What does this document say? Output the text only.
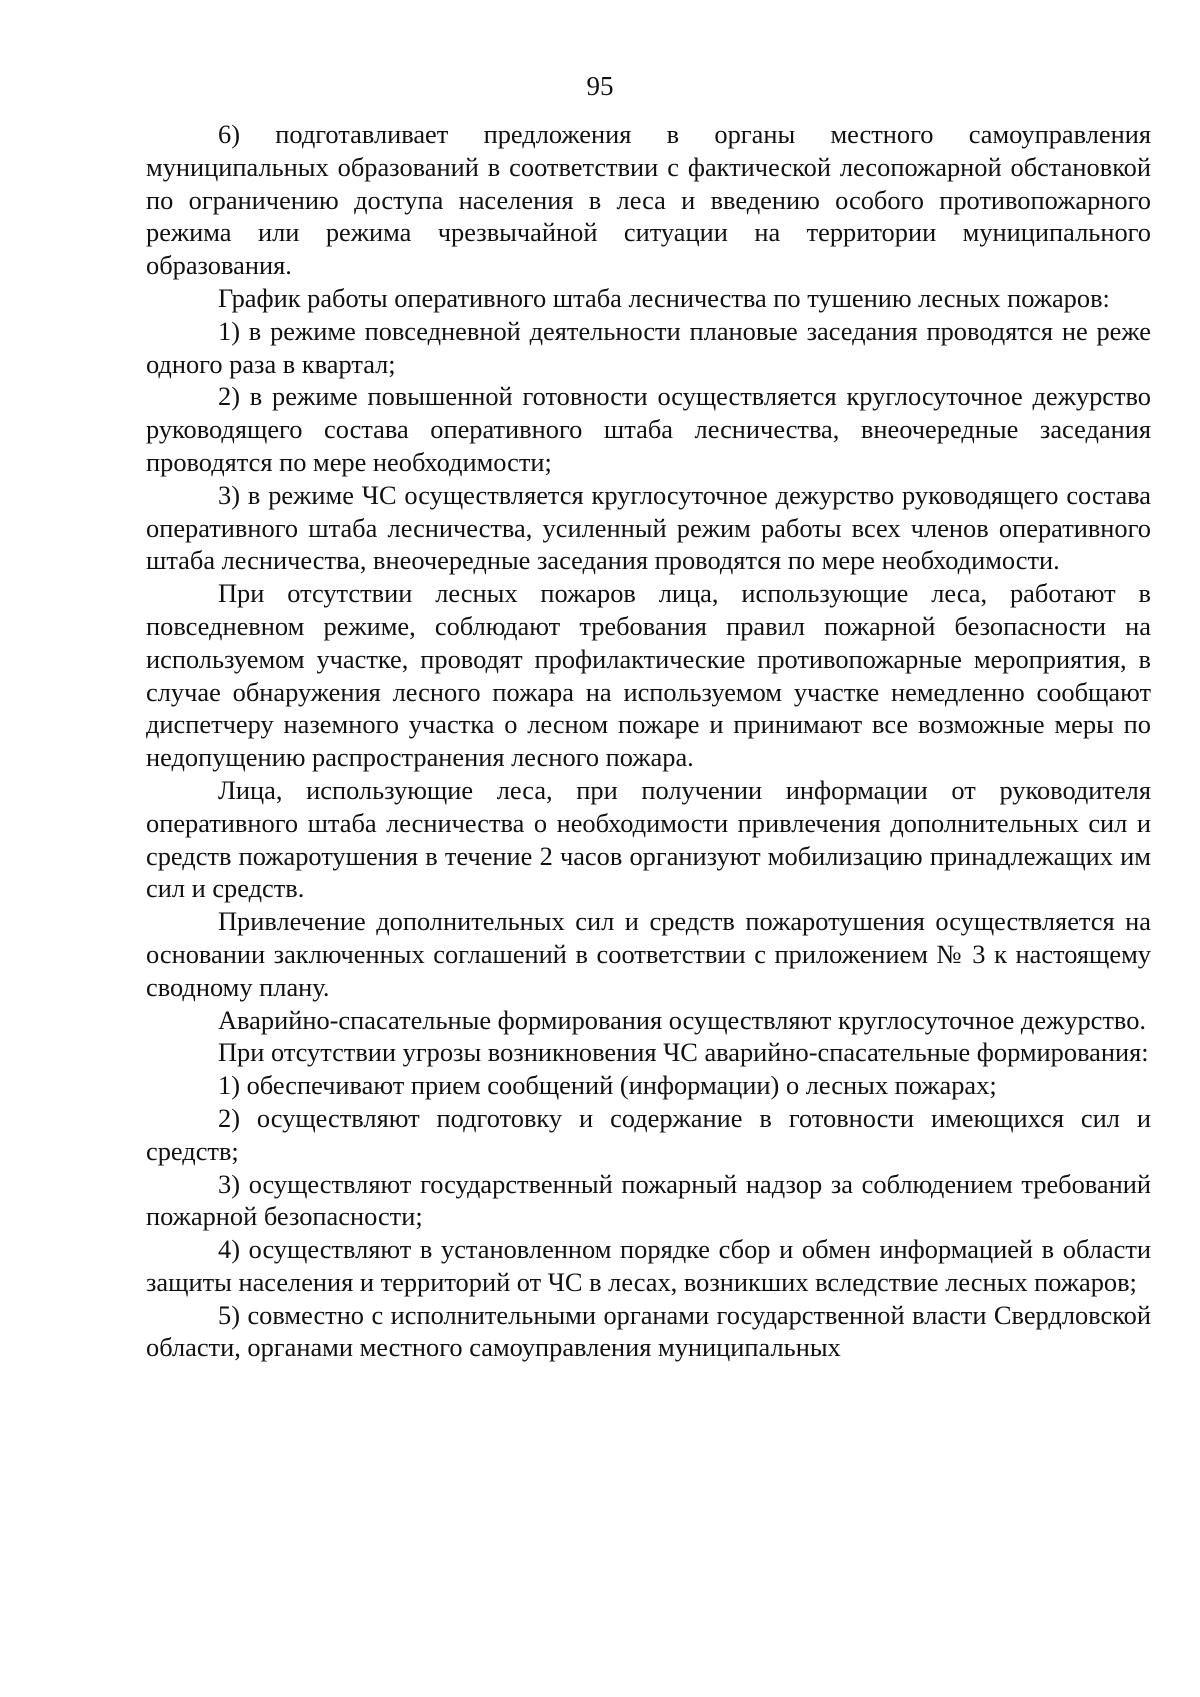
95

6) подготавливает предложения в органы местного самоуправления муниципальных образований в соответствии с фактической лесопожарной обстановкой по ограничению доступа населения в леса и введению особого противопожарного режима или режима чрезвычайной ситуации на территории муниципального образования.

График работы оперативного штаба лесничества по тушению лесных пожаров:

1) в режиме повседневной деятельности плановые заседания проводятся не реже одного раза в квартал;

2) в режиме повышенной готовности осуществляется круглосуточное дежурство руководящего состава оперативного штаба лесничества, внеочередные заседания проводятся по мере необходимости;

3) в режиме ЧС осуществляется круглосуточное дежурство руководящего состава оперативного штаба лесничества, усиленный режим работы всех членов оперативного штаба лесничества, внеочередные заседания проводятся по мере необходимости.

При отсутствии лесных пожаров лица, использующие леса, работают в повседневном режиме, соблюдают требования правил пожарной безопасности на используемом участке, проводят профилактические противопожарные мероприятия, в случае обнаружения лесного пожара на используемом участке немедленно сообщают диспетчеру наземного участка о лесном пожаре и принимают все возможные меры по недопущению распространения лесного пожара.

Лица, использующие леса, при получении информации от руководителя оперативного штаба лесничества о необходимости привлечения дополнительных сил и средств пожаротушения в течение 2 часов организуют мобилизацию принадлежащих им сил и средств.

Привлечение дополнительных сил и средств пожаротушения осуществляется на основании заключенных соглашений в соответствии с приложением № 3 к настоящему сводному плану.

Аварийно-спасательные формирования осуществляют круглосуточное дежурство.

При отсутствии угрозы возникновения ЧС аварийно-спасательные формирования:

1) обеспечивают прием сообщений (информации) о лесных пожарах;

2) осуществляют подготовку и содержание в готовности имеющихся сил и средств;

3) осуществляют государственный пожарный надзор за соблюдением требований пожарной безопасности;

4) осуществляют в установленном порядке сбор и обмен информацией в области защиты населения и территорий от ЧС в лесах, возникших вследствие лесных пожаров;

5) совместно с исполнительными органами государственной власти Свердловской области, органами местного самоуправления муниципальных
